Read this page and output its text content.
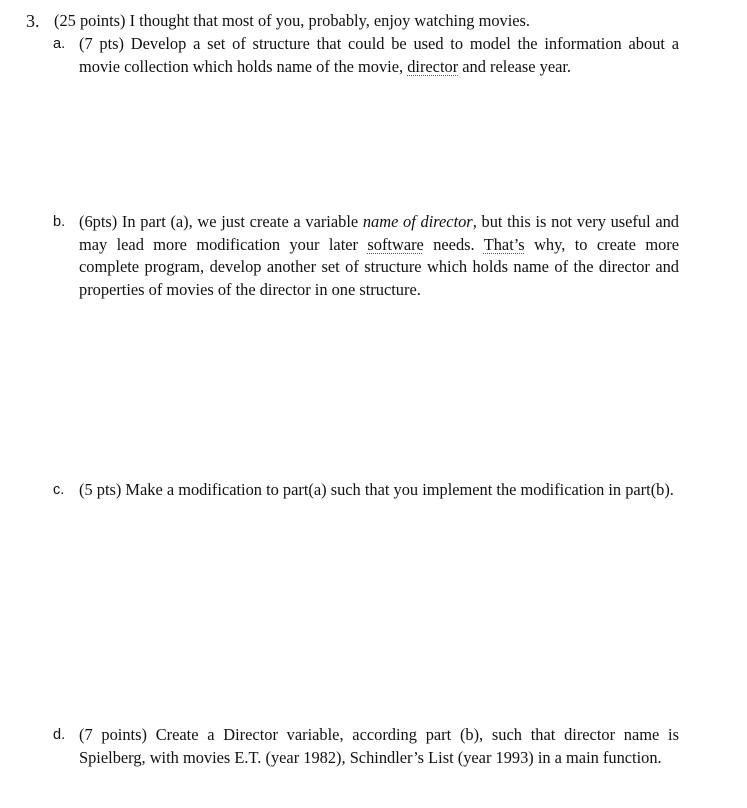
3. (25 points) I thought that most of you, probably, enjoy watching movies.
a. (7 pts) Develop a set of structure that could be used to model the information about a movie collection which holds name of the movie, director and release year.
b. (6pts) In part (a), we just create a variable name of director, but this is not very useful and may lead more modification your later software needs. That’s why, to create more complete program, develop another set of structure which holds name of the director and properties of movies of the director in one structure.
c. (5 pts) Make a modification to part(a) such that you implement the modification in part(b).
d. (7 points) Create a Director variable, according part (b), such that director name is Spielberg, with movies E.T. (year 1982), Schindler’s List (year 1993) in a main function.
